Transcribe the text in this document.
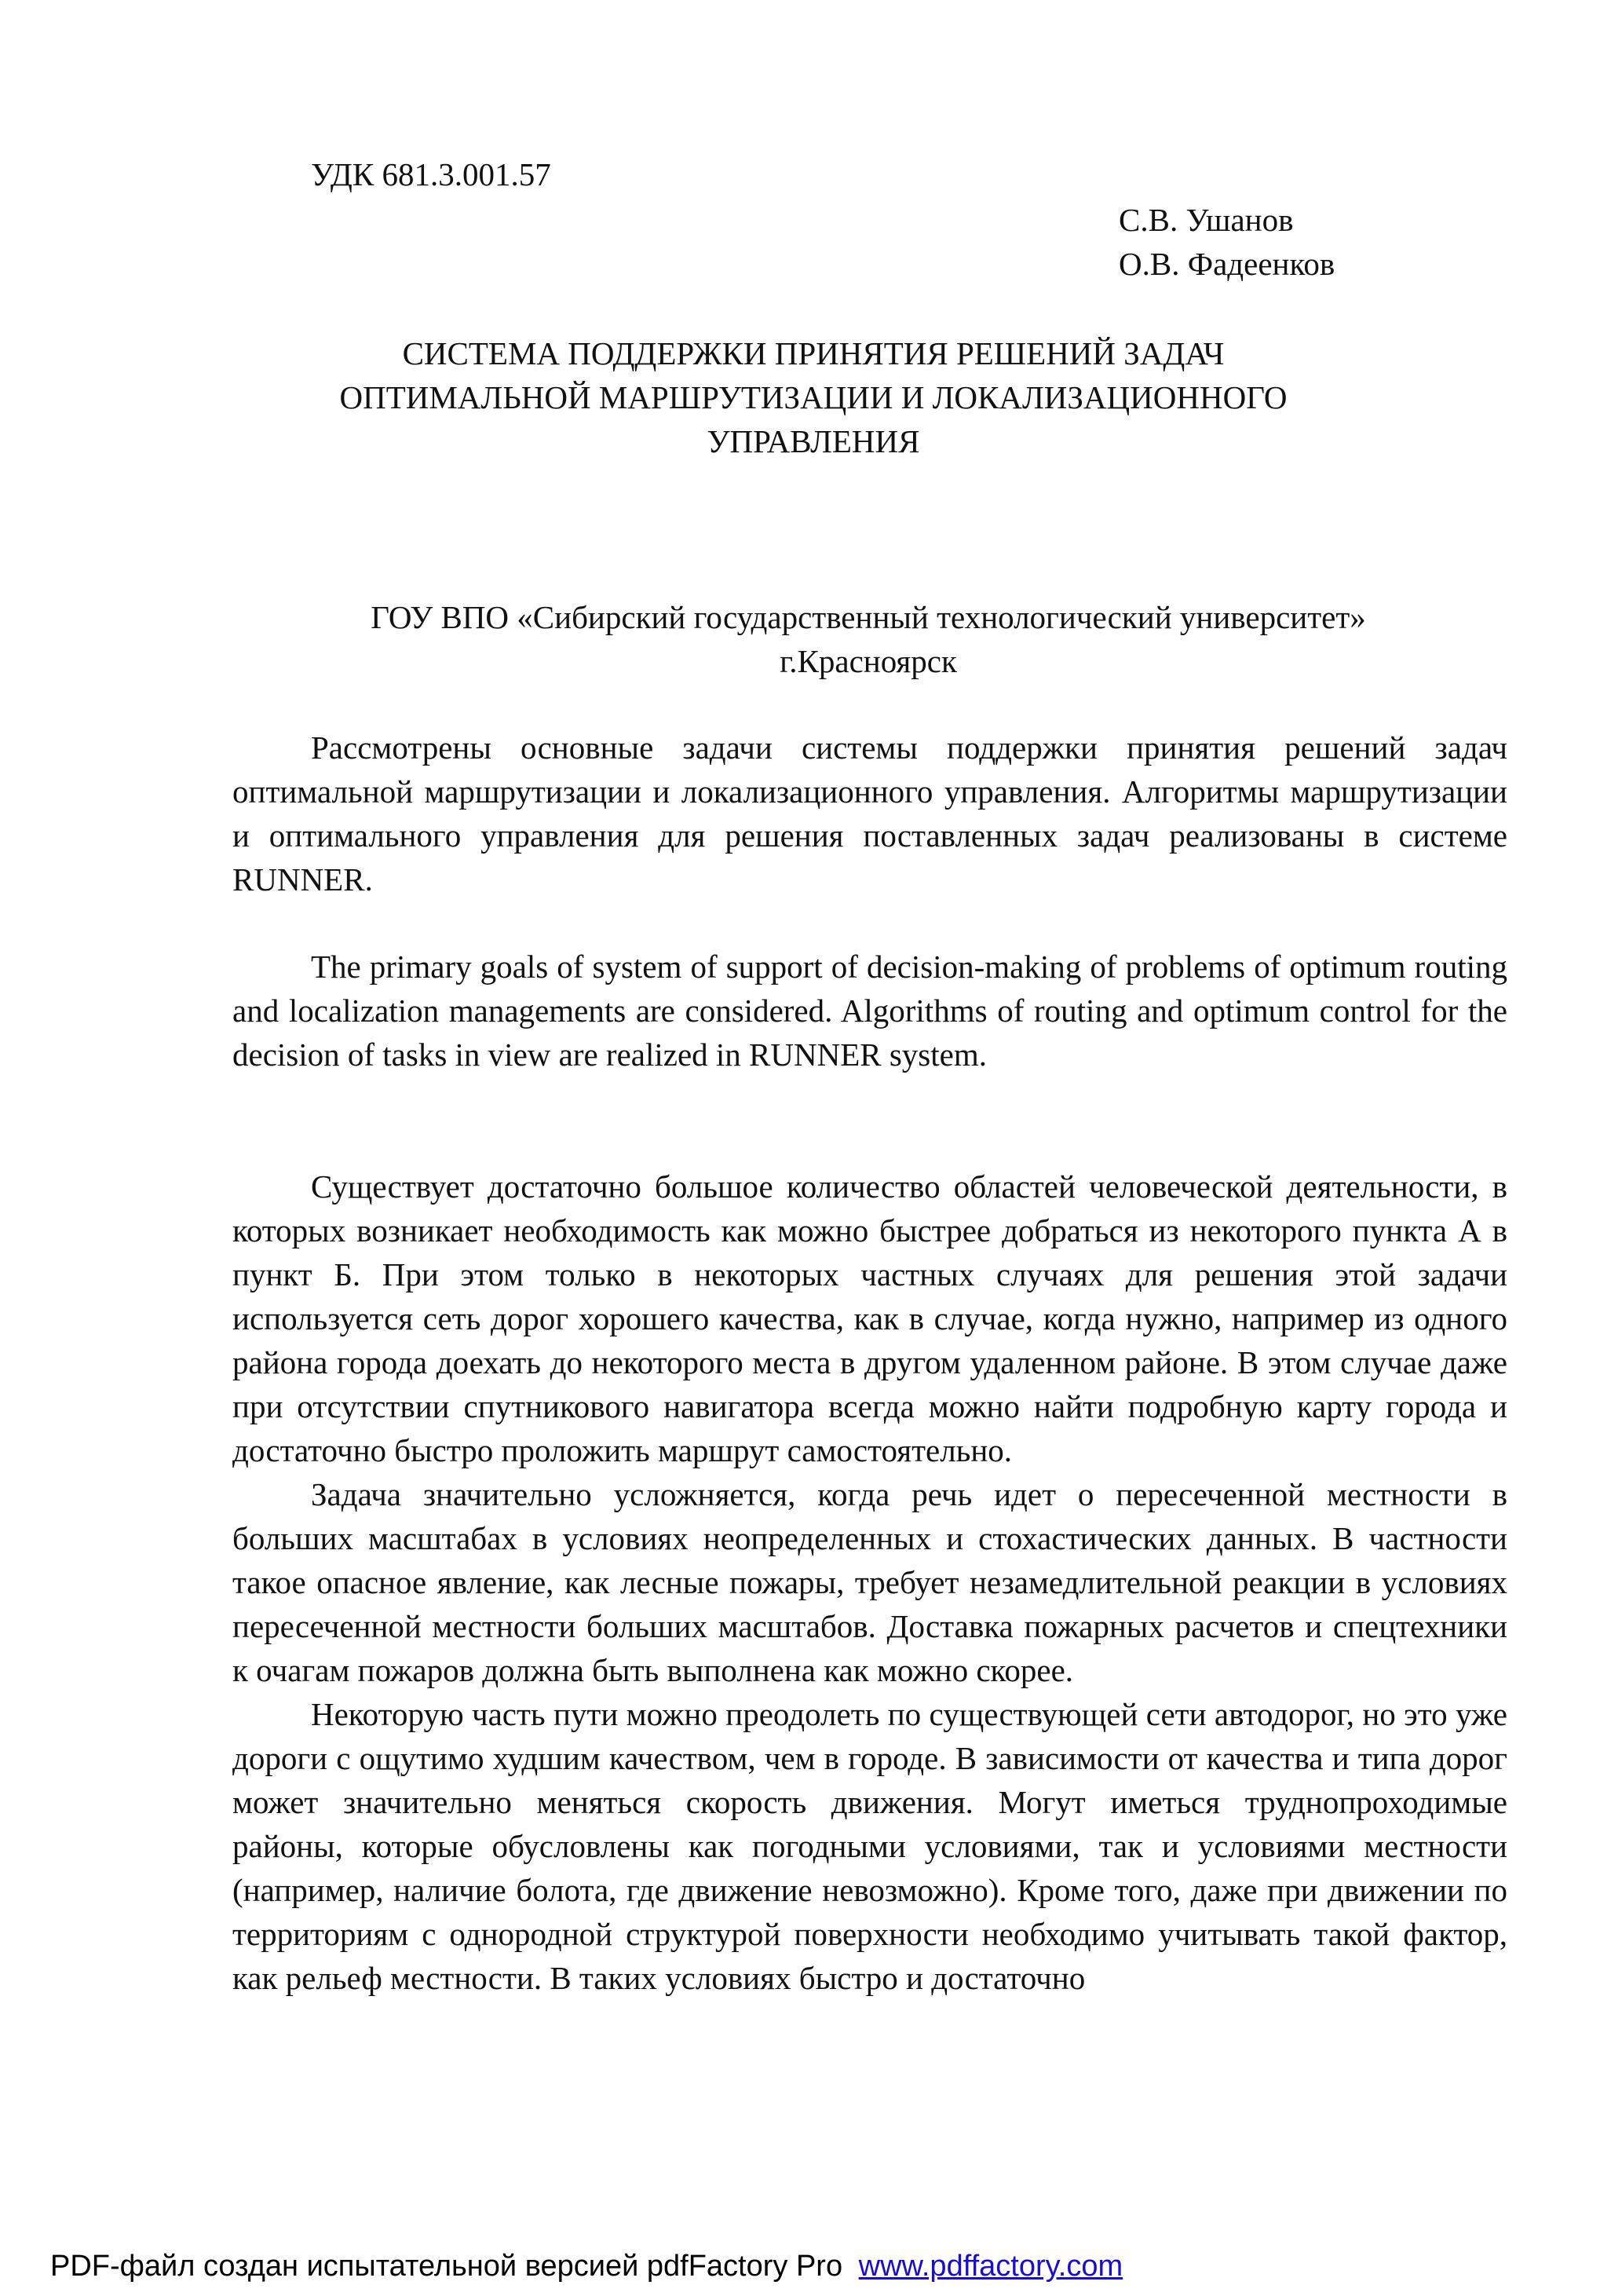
УДК 681.3.001.57
С.В. Ушанов
О.В. Фадеенков
СИСТЕМА ПОДДЕРЖКИ ПРИНЯТИЯ РЕШЕНИЙ ЗАДАЧ
ОПТИМАЛЬНОЙ МАРШРУТИЗАЦИИ И ЛОКАЛИЗАЦИОННОГО
УПРАВЛЕНИЯ
ГОУ ВПО «Сибирский государственный технологический университет»
г.Красноярск

Рассмотрены основные задачи системы поддержки принятия решений задач оптимальной маршрутизации и локализационного управления. Алгоритмы маршрутизации и оптимального управления для решения поставленных задач реализованы в системе RUNNER.

The primary goals of system of support of decision-making of problems of optimum routing and localization managements are considered. Algorithms of routing and optimum control for the decision of tasks in view are realized in RUNNER system.

Существует достаточно большое количество областей человеческой деятельности, в которых возникает необходимость как можно быстрее добраться из некоторого пункта А в пункт Б. При этом только в некоторых частных случаях для решения этой задачи используется сеть дорог хорошего качества, как в случае, когда нужно, например из одного района города доехать до некоторого места в другом удаленном районе. В этом случае даже при отсутствии спутникового навигатора всегда можно найти подробную карту города и достаточно быстро проложить маршрут самостоятельно.

Задача значительно усложняется, когда речь идет о пересеченной местности в больших масштабах в условиях неопределенных и стохастических данных. В частности такое опасное явление, как лесные пожары, требует незамедлительной реакции в условиях пересеченной местности больших масштабов. Доставка пожарных расчетов и спецтехники к очагам пожаров должна быть выполнена как можно скорее.

Некоторую часть пути можно преодолеть по существующей сети автодорог, но это уже дороги с ощутимо худшим качеством, чем в городе. В зависимости от качества и типа дорог может значительно меняться скорость движения. Могут иметься труднопроходимые районы, которые обусловлены как погодными условиями, так и условиями местности (например, наличие болота, где движение невозможно). Кроме того, даже при движении по территориям с однородной структурой поверхности необходимо учитывать такой фактор, как рельеф местности. В таких условиях быстро и достаточно

PDF-файл создан испытательной версией pdfFactory Pro www.pdffactory.com
